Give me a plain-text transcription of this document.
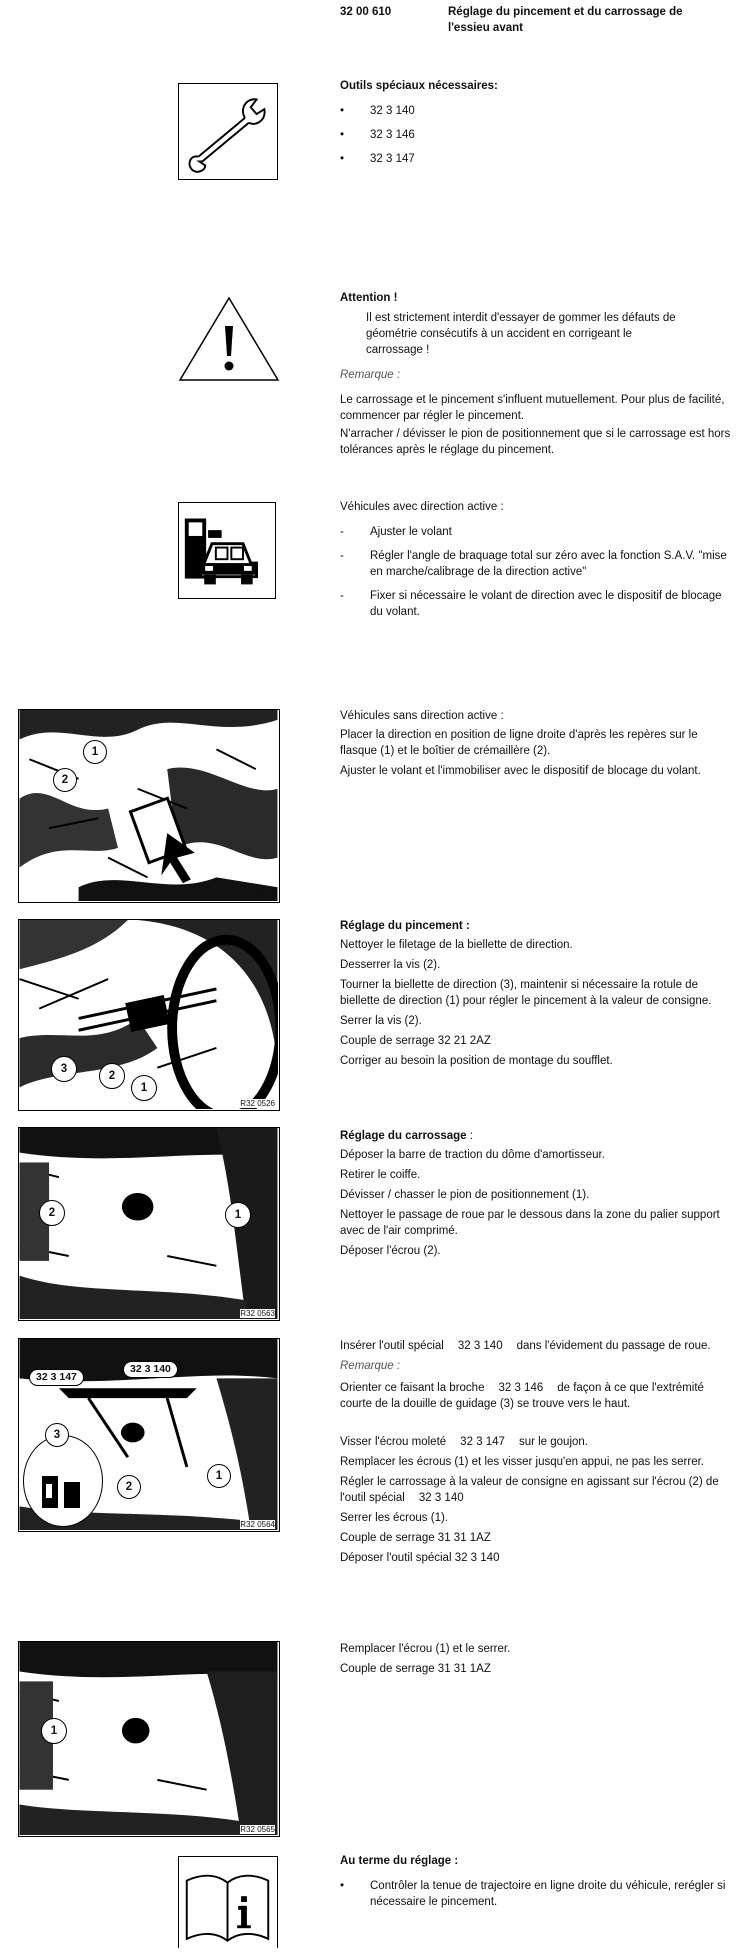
32 00 610	Réglage du pincement et du carrossage de
l'essieu avant
Outils spéciaux nécessaires:
• 32 3 140
• 32 3 146
• 32 3 147
Attention !
Il est strictement interdit d'essayer de gommer les défauts de
géométrie consécutifs à un accident en corrigeant le
carrossage !
Remarque :
Le carrossage et le pincement s'influent mutuellement. Pour plus de facilité, commencer par régler le pincement.
N'arracher / dévisser le pion de positionnement que si le carrossage est hors tolérances après le réglage du pincement.
Véhicules avec direction active :
- Ajuster le volant
- Régler l'angle de braquage total sur zéro avec la fonction S.A.V. "mise en marche/calibrage de la direction active"
- Fixer si nécessaire le volant de direction avec le dispositif de blocage du volant.
1
2
R32 0562
Véhicules sans direction active :
Placer la direction en position de ligne droite d'après les repères sur le flasque (1) et le boîtier de crémaillère (2).
Ajuster le volant et l'immobiliser avec le dispositif de blocage du volant.
3
2
1
R32 0526
Réglage du pincement :
Nettoyer le filetage de la biellette de direction.
Desserrer la vis (2).
Tourner la biellette de direction (3), maintenir si nécessaire la rotule de biellette de direction (1) pour régler le pincement à la valeur de consigne.
Serrer la vis (2).
Couple de serrage 32 21 2AZ
Corriger au besoin la position de montage du soufflet.
2	1
R32 0563
Réglage du carrossage :
Déposer la barre de traction du dôme d'amortisseur.
Retirer le coiffe.
Dévisser / chasser le pion de positionnement (1).
Nettoyer le passage de roue par le dessous dans la zone du palier support avec de l'air comprimé.
Déposer l'écrou (2).
32 3 147
32 3 140
3
2
1
R32 0564
Insérer l'outil spécial 32 3 140 dans l'évidement du passage de roue.
Remarque :
Orienter ce faisant la broche 32 3 146 de façon à ce que l'extrémité courte de la douille de guidage (3) se trouve vers le haut.
Visser l'écrou moleté 32 3 147 sur le goujon.
Remplacer les écrous (1) et les visser jusqu'en appui, ne pas les serrer.
Régler le carrossage à la valeur de consigne en agissant sur l'écrou (2) de l'outil spécial 32 3 140
Serrer les écrous (1).
Couple de serrage 31 31 1AZ
Déposer l'outil spécial 32 3 140
1
R32 0565
Remplacer l'écrou (1) et le serrer.
Couple de serrage 31 31 1AZ
Au terme du réglage :
• Contrôler la tenue de trajectoire en ligne droite du véhicule, rerégler si nécessaire le pincement.
